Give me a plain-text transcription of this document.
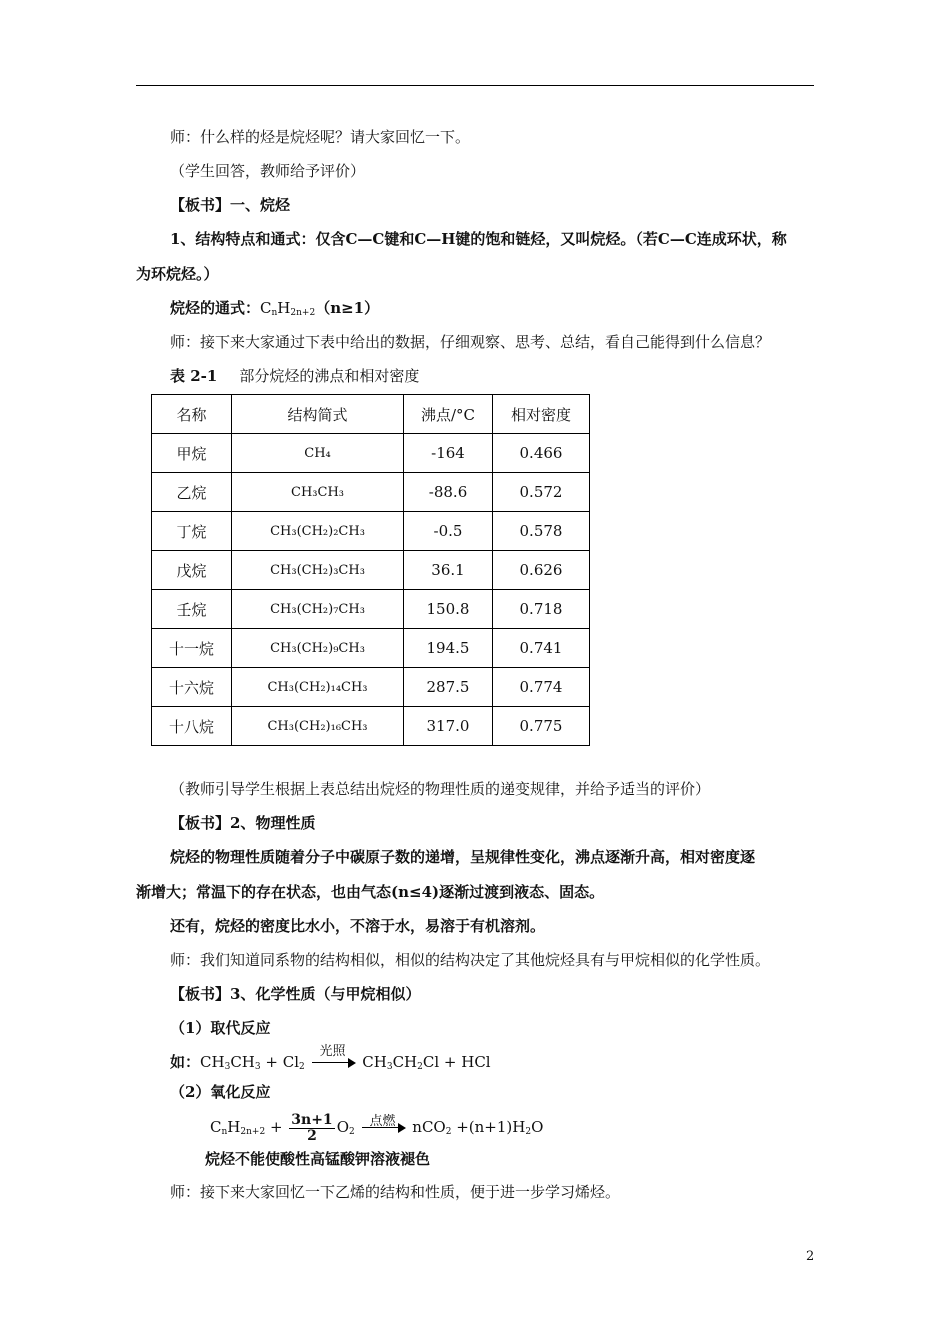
师：什么样的烃是烷烃呢？请大家回忆一下。
（学生回答，教师给予评价）
【板书】一、烷烃
1、结构特点和通式：仅含C—C键和C—H键的饱和链烃，又叫烷烃。（若C—C连成环状，称
为环烷烃。）
烷烃的通式：$C_nH_{2n+2}(n\ge 1)$
师：接下来大家通过下表中给出的数据，仔细观察、思考、总结，看自己能得到什么信息？
表 2-1 部分烷烃的沸点和相对密度
名称	结构简式	沸点/°C	相对密度
甲烷	CH₄	-164	0.466
乙烷	CH₃CH₃	-88.6	0.572
丁烷	CH₃(CH₂)₂CH₃	-0.5	0.578
戊烷	CH₃(CH₂)₃CH₃	36.1	0.626
壬烷	CH₃(CH₂)₇CH₃	150.8	0.718
十一烷	CH₃(CH₂)₉CH₃	194.5	0.741
十六烷	CH₃(CH₂)₁₄CH₃	287.5	0.774
十八烷	CH₃(CH₂)₁₆CH₃	317.0	0.775
（教师引导学生根据上表总结出烷烃的物理性质的递变规律，并给予适当的评价）
【板书】2、物理性质
烷烃的物理性质随着分子中碳原子数的递增，呈规律性变化，沸点逐渐升高，相对密度逐
渐增大；常温下的存在状态，也由气态(n≤4)逐渐过渡到液态、固态。
还有，烷烃的密度比水小，不溶于水，易溶于有机溶剂。
师：我们知道同系物的结构相似，相似的结构决定了其他烷烃具有与甲烷相似的化学性质。
【板书】3、化学性质（与甲烷相似）
（1）取代反应
如：$CH_3CH_3 + Cl_2$
光照
$CH_3CH_2Cl$ + HCl
（2）氧化反应
$C_nH_{2n+2} + \frac{3n+1}{2} O_2$
点燃 $nCO_2 +(n+1)H_2O$
烷烃不能使酸性高锰酸钾溶液褪色
师：接下来大家回忆一下乙烯的结构和性质，便于进一步学习烯烃。
2
